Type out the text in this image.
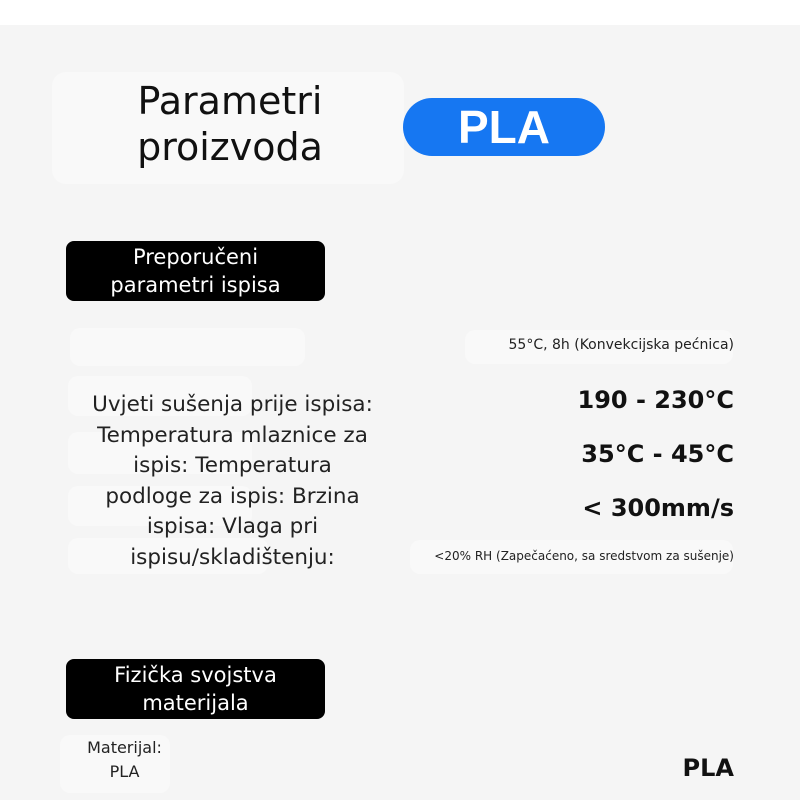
Parametri
proizvoda	PLA
Preporučeni
parametri ispisa
Uvjeti sušenja prije ispisa:
Temperatura mlaznice za
ispis: Temperatura
podloge za ispis: Brzina
ispisa: Vlaga pri
ispisu/skladištenju:
55°C, 8h (Konvekcijska pećnica)
190 - 230°C
35°C - 45°C
< 300mm/s
<20% RH (Zapečaćeno, sa sredstvom za sušenje)
Fizička svojstva
materijala
Materijal:
PLA	PLA
